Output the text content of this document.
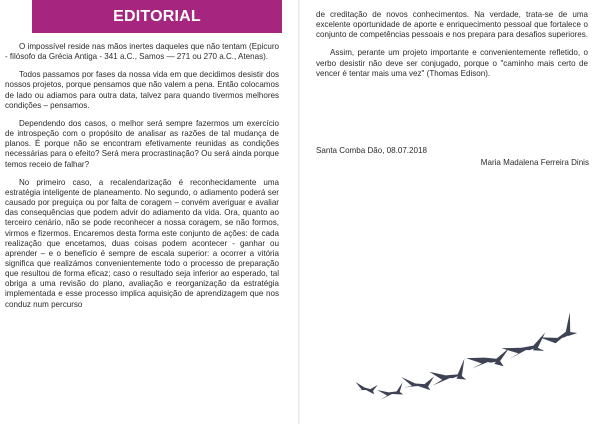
EDITORIAL

O impossível reside nas mãos inertes daqueles que não tentam (Epicuro - filósofo da Grécia Antiga - 341 a.C., Samos — 271 ou 270 a.C., Atenas).

Todos passamos por fases da nossa vida em que decidimos desistir dos nossos projetos, porque pensamos que não valem a pena. Então colocamos de lado ou adiamos para outra data, talvez para quando tivermos melhores condições – pensamos.

Dependendo dos casos, o melhor será sempre fazermos um exercício de introspeção com o propósito de analisar as razões de tal mudança de planos. É porque não se encontram efetivamente reunidas as condições necessárias para o efeito? Será mera procrastinação? Ou será ainda porque temos receio de falhar?

No primeiro caso, a recalendarização é reconhecidamente uma estratégia inteligente de planeamento. No segundo, o adiamento poderá ser causado por preguiça ou por falta de coragem – convém averiguar e avaliar das consequências que podem advir do adiamento da vida. Ora, quanto ao terceiro cenário, não se pode reconhecer a nossa coragem, se não formos, virmos e fizermos. Encaremos desta forma este conjunto de ações: de cada realização que encetamos, duas coisas podem acontecer - ganhar ou aprender – e o benefício é sempre de escala superior: a ocorrer a vitória significa que realizámos convenientemente todo o processo de preparação que resultou de forma eficaz; caso o resultado seja inferior ao esperado, tal obriga a uma revisão do plano, avaliação e reorganização da estratégia implementada e esse processo implica aquisição de aprendizagem que nos conduz num percurso

de creditação de novos conhecimentos. Na verdade, trata-se de uma excelente oportunidade de aporte e enriquecimento pessoal que fortalece o conjunto de competências pessoais e nos prepara para desafios superiores.

Assim, perante um projeto importante e convenientemente refletido, o verbo desistir não deve ser conjugado, porque o "caminho mais certo de vencer é tentar mais uma vez" (Thomas Edison).

Santa Comba Dão, 08.07.2018
Maria Madalena Ferreira Dinis
